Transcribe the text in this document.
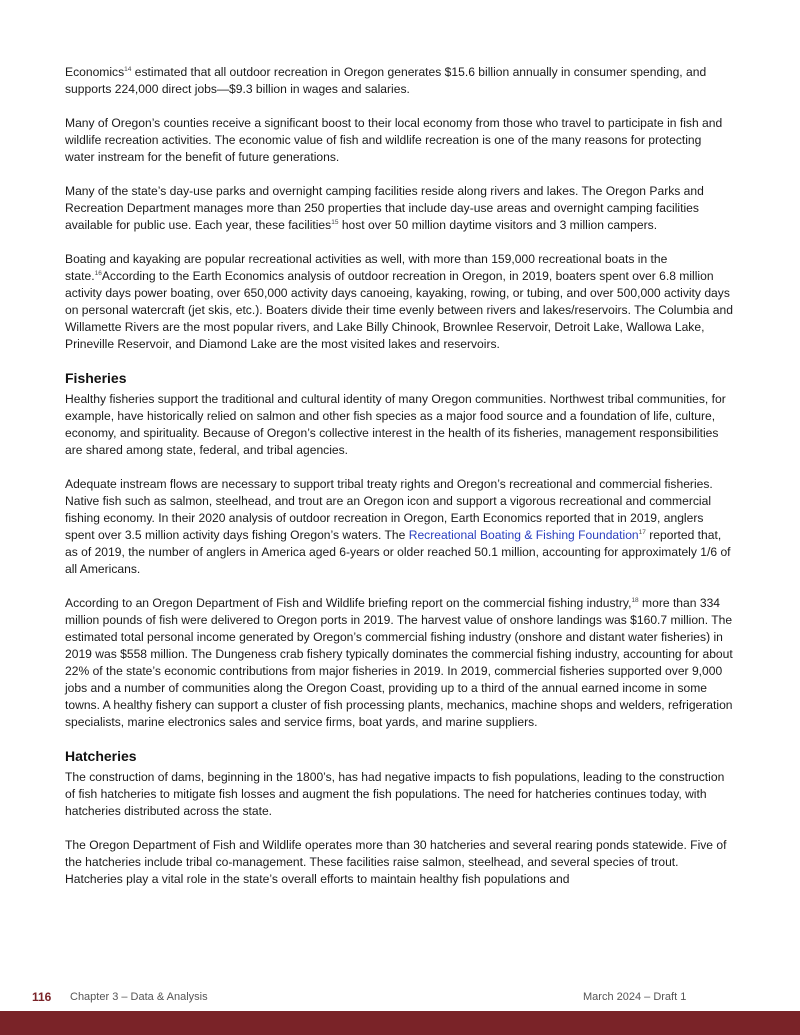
Economics$^{14}$ estimated that all outdoor recreation in Oregon generates $15.6 billion annually in consumer spending, and supports 224,000 direct jobs—$9.3 billion in wages and salaries.

Many of Oregon’s counties receive a significant boost to their local economy from those who travel to participate in fish and wildlife recreation activities. The economic value of fish and wildlife recreation is one of the many reasons for protecting water instream for the benefit of future generations.

Many of the state’s day-use parks and overnight camping facilities reside along rivers and lakes. The Oregon Parks and Recreation Department manages more than 250 properties that include day-use areas and overnight camping facilities available for public use. Each year, these facilities$^{15}$ host over 50 million daytime visitors and 3 million campers.

Boating and kayaking are popular recreational activities as well, with more than 159,000 recreational boats in the state.$^{16}$According to the Earth Economics analysis of outdoor recreation in Oregon, in 2019, boaters spent over 6.8 million activity days power boating, over 650,000 activity days canoeing, kayaking, rowing, or tubing, and over 500,000 activity days on personal watercraft (jet skis, etc.). Boaters divide their time evenly between rivers and lakes/reservoirs. The Columbia and Willamette Rivers are the most popular rivers, and Lake Billy Chinook, Brownlee Reservoir, Detroit Lake, Wallowa Lake, Prineville Reservoir, and Diamond Lake are the most visited lakes and reservoirs.

Fisheries

Healthy fisheries support the traditional and cultural identity of many Oregon communities. Northwest tribal communities, for example, have historically relied on salmon and other fish species as a major food source and a foundation of life, culture, economy, and spirituality. Because of Oregon’s collective interest in the health of its fisheries, management responsibilities are shared among state, federal, and tribal agencies.

Adequate instream flows are necessary to support tribal treaty rights and Oregon’s recreational and commercial fisheries. Native fish such as salmon, steelhead, and trout are an Oregon icon and support a vigorous recreational and commercial fishing economy. In their 2020 analysis of outdoor recreation in Oregon, Earth Economics reported that in 2019, anglers spent over 3.5 million activity days fishing Oregon’s waters. The Recreational Boating & Fishing Foundation$^{17}$ reported that, as of 2019, the number of anglers in America aged 6-years or older reached 50.1 million, accounting for approximately 1/6 of all Americans.

According to an Oregon Department of Fish and Wildlife briefing report on the commercial fishing industry,$^{18}$ more than 334 million pounds of fish were delivered to Oregon ports in 2019. The harvest value of onshore landings was $160.7 million. The estimated total personal income generated by Oregon’s commercial fishing industry (onshore and distant water fisheries) in 2019 was $558 million. The Dungeness crab fishery typically dominates the commercial fishing industry, accounting for about 22% of the state’s economic contributions from major fisheries in 2019. In 2019, commercial fisheries supported over 9,000 jobs and a number of communities along the Oregon Coast, providing up to a third of the annual earned income in some towns. A healthy fishery can support a cluster of fish processing plants, mechanics, machine shops and welders, refrigeration specialists, marine electronics sales and service firms, boat yards, and marine suppliers.

Hatcheries

The construction of dams, beginning in the 1800’s, has had negative impacts to fish populations, leading to the construction of fish hatcheries to mitigate fish losses and augment the fish populations. The need for hatcheries continues today, with hatcheries distributed across the state.

The Oregon Department of Fish and Wildlife operates more than 30 hatcheries and several rearing ponds statewide. Five of the hatcheries include tribal co-management. These facilities raise salmon, steelhead, and several species of trout. Hatcheries play a vital role in the state’s overall efforts to maintain healthy fish populations and

116 Chapter 3 – Data & Analysis	March 2024 – Draft 1
